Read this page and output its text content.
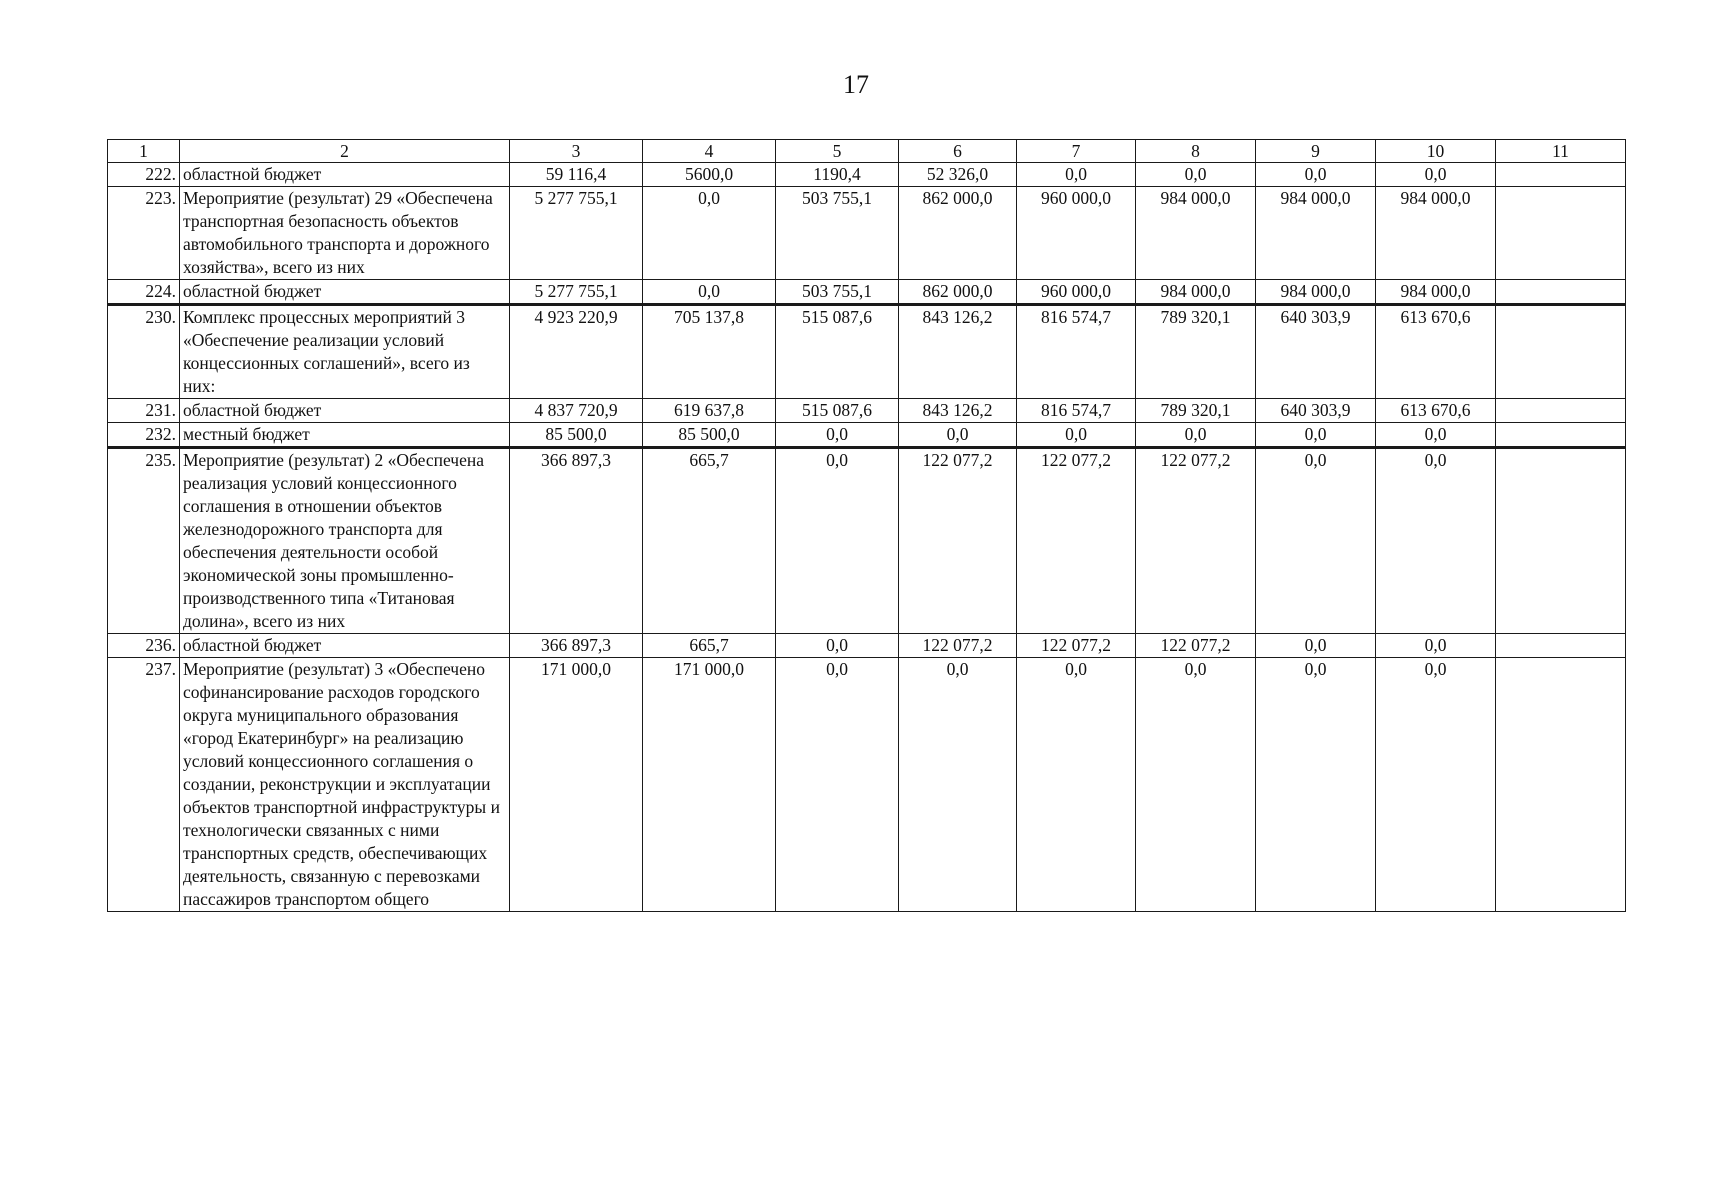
17
1	2	3	4	5	6	7	8	9	10	11
222.	областной бюджет	59 116,4	5600,0	1190,4	52 326,0	0,0	0,0	0,0	0,0	
223.	Мероприятие (результат) 29 «Обеспечена транспортная безопасность объектов автомобильного транспорта и дорожного хозяйства», всего из них	5 277 755,1	0,0	503 755,1	862 000,0	960 000,0	984 000,0	984 000,0	984 000,0	
224.	областной бюджет	5 277 755,1	0,0	503 755,1	862 000,0	960 000,0	984 000,0	984 000,0	984 000,0	
230.	Комплекс процессных мероприятий 3 «Обеспечение реализации условий концессионных соглашений», всего из них:	4 923 220,9	705 137,8	515 087,6	843 126,2	816 574,7	789 320,1	640 303,9	613 670,6	
231.	областной бюджет	4 837 720,9	619 637,8	515 087,6	843 126,2	816 574,7	789 320,1	640 303,9	613 670,6	
232.	местный бюджет	85 500,0	85 500,0	0,0	0,0	0,0	0,0	0,0	0,0	
235.	Мероприятие (результат) 2 «Обеспечена реализация условий концессионного соглашения в отношении объектов железнодорожного транспорта для обеспечения деятельности особой экономической зоны промышленно-производственного типа «Титановая долина», всего из них	366 897,3	665,7	0,0	122 077,2	122 077,2	122 077,2	0,0	0,0	
236.	областной бюджет	366 897,3	665,7	0,0	122 077,2	122 077,2	122 077,2	0,0	0,0	
237.	Мероприятие (результат) 3 «Обеспечено софинансирование расходов городского округа муниципального образования «город Екатеринбург» на реализацию условий концессионного соглашения о создании, реконструкции и эксплуатации объектов транспортной инфраструктуры и технологически связанных с ними транспортных средств, обеспечивающих деятельность, связанную с перевозками пассажиров транспортом общего	171 000,0	171 000,0	0,0	0,0	0,0	0,0	0,0	0,0	
